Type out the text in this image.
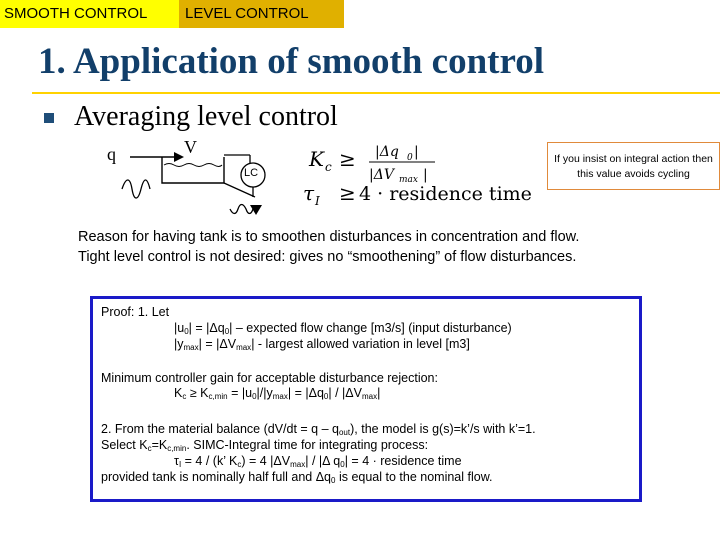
SMOOTH CONTROL	LEVEL CONTROL
1. Application of smooth control
Averaging level control
q	V
LC
K c ≥ |Δq 0 |
|ΔV max |
τ I ≥ 4 · residence time
If you insist on integral action then this value avoids cycling
Reason for having tank is to smoothen disturbances in concentration and flow.
Tight level control is not desired: gives no “smoothening” of flow disturbances.
Proof: 1. Let
$|u_0| = |\Delta q_0|$ – expected flow change [m3/s] (input disturbance)
$|y_{max}| = |\Delta V_{max}|$ - largest allowed variation in level [m3]
Minimum controller gain for acceptable disturbance rejection:
$K_c \ge K_{c,min} = |u_0|/|y_{max}| = |\Delta q_0| / |\Delta V_{max}|$
2. From the material balance $(dV/dt = q - q_{out})$, the model is g(s)=k’/s with k’=1.
Select $K_c=K_{c,min}$. SIMC-Integral time for integrating process:
$\tau_I = 4 / (k$’ $K_c) = 4$ $|\Delta V_{max}| / |\Delta$ $q_0| = 4$ · residence time
provided tank is nominally half full and $\Delta q_0$ is equal to the nominal flow.
